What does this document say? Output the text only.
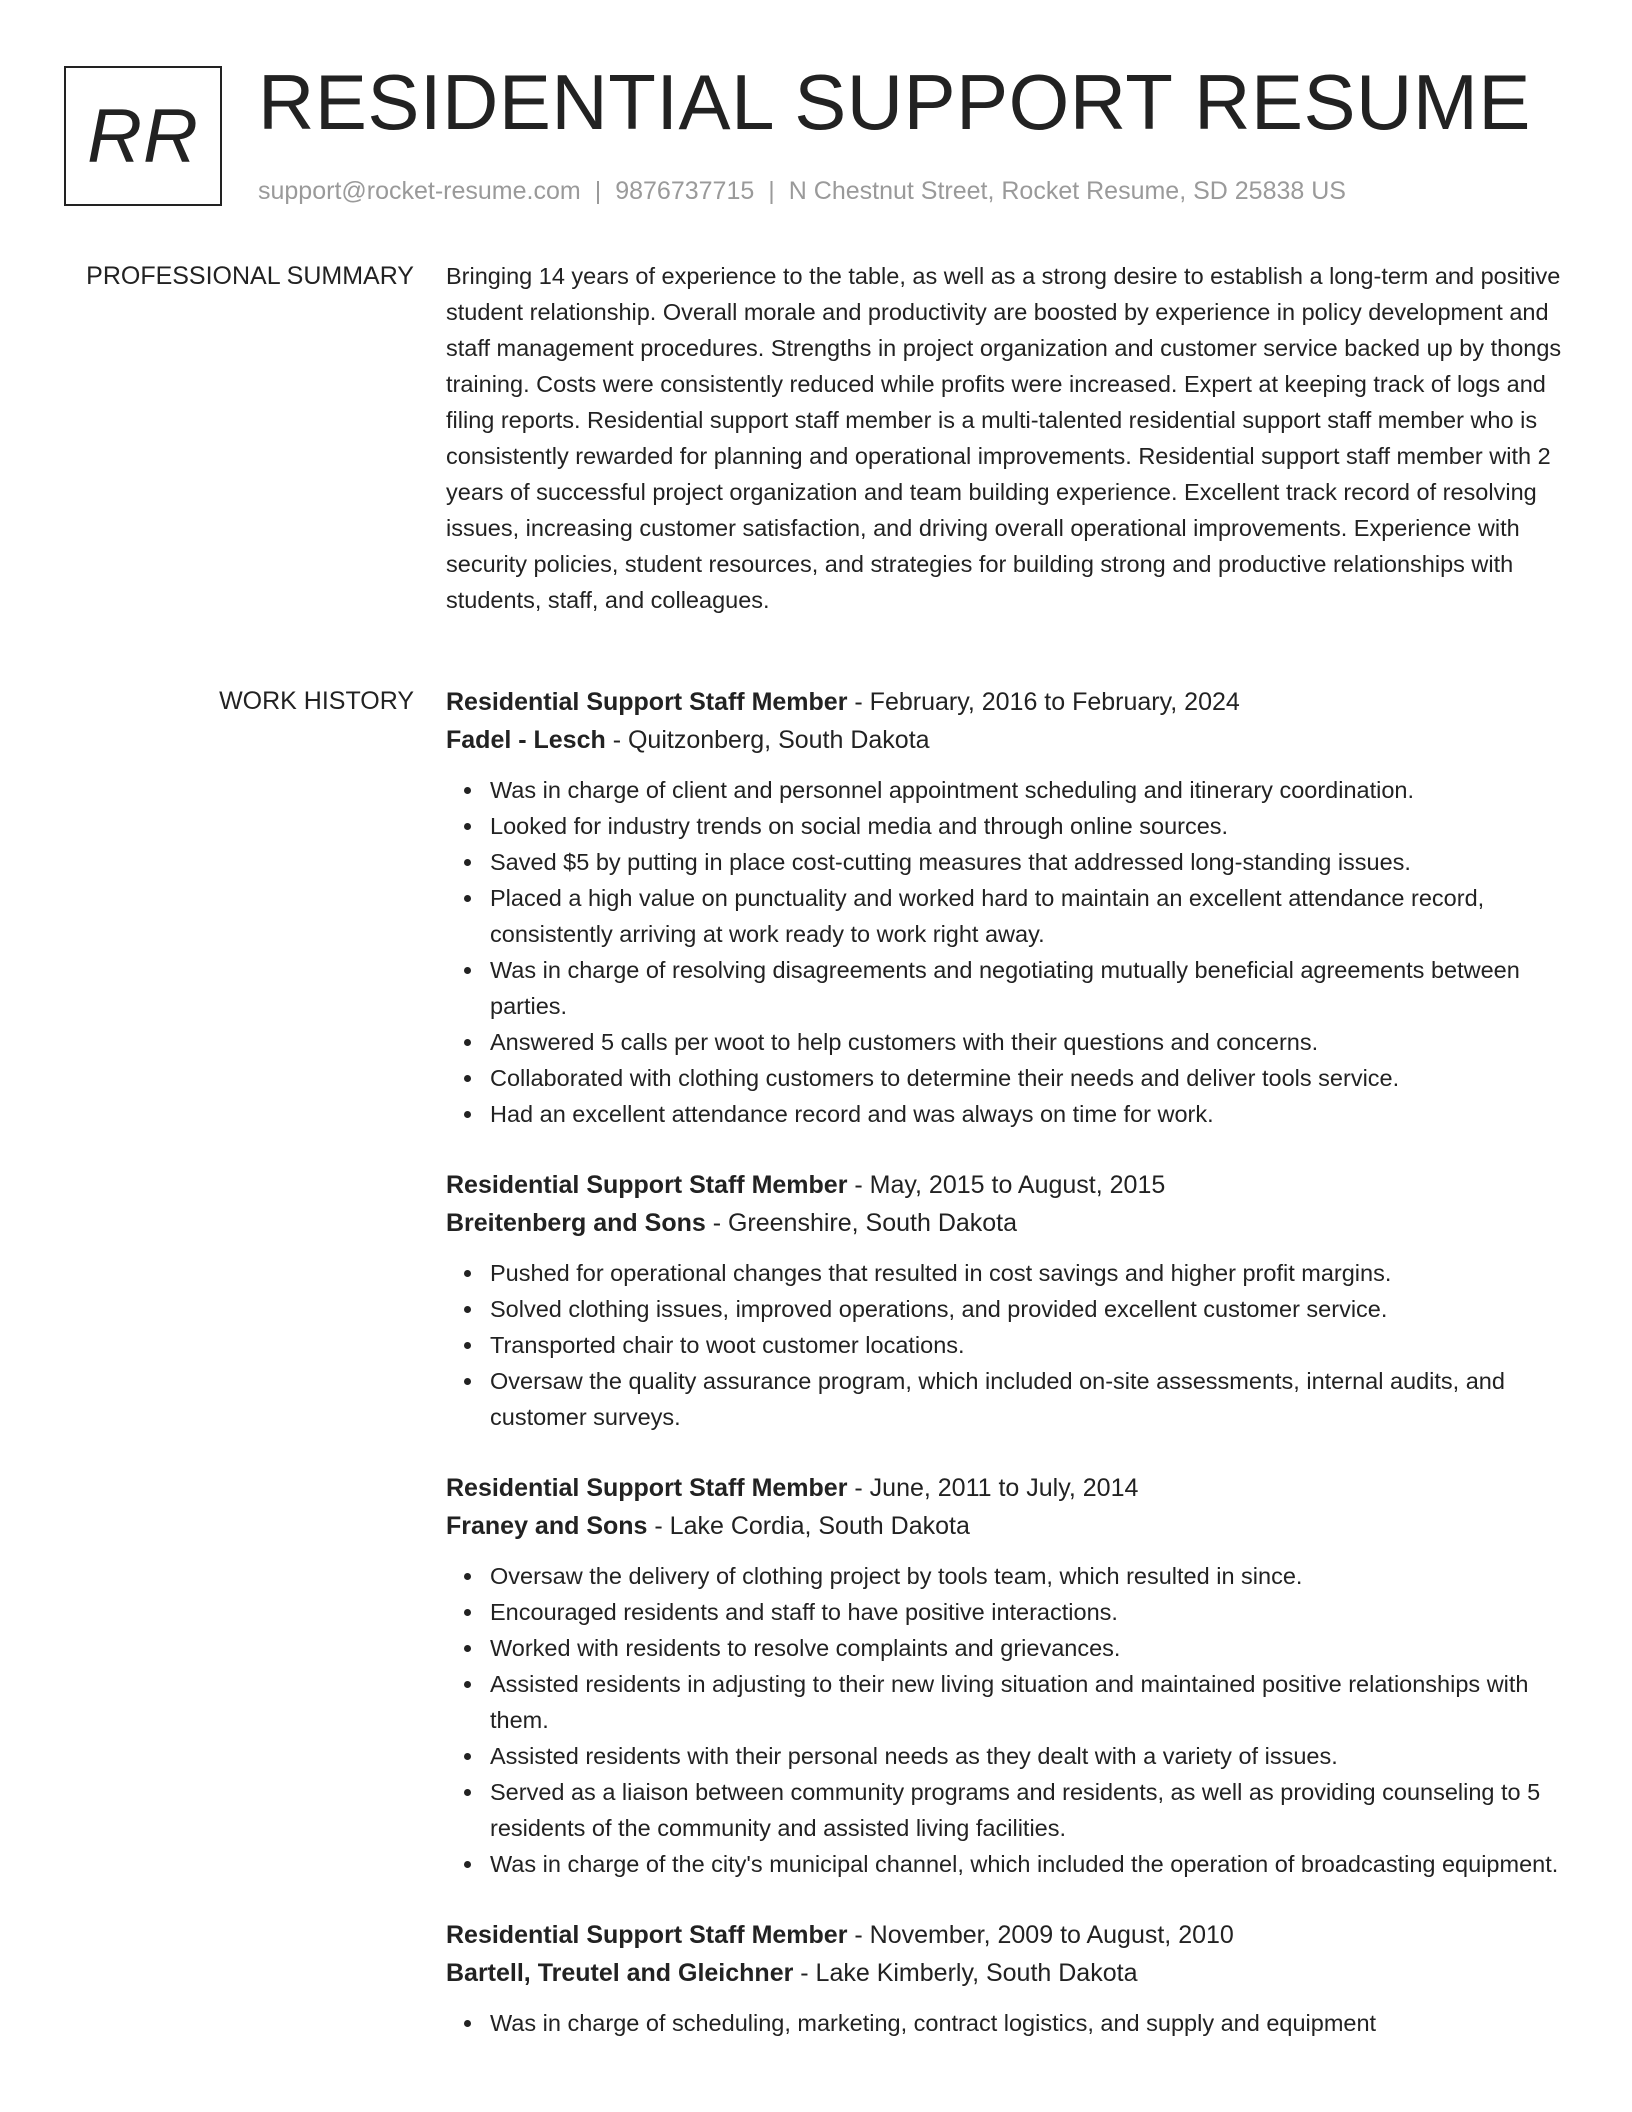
RR RESIDENTIAL SUPPORT RESUME
support@rocket-resume.com | 9876737715 | N Chestnut Street, Rocket Resume, SD 25838 US
PROFESSIONAL SUMMARY Bringing 14 years of experience to the table, as well as a strong desire to establish a long-term and positive student relationship. Overall morale and productivity are boosted by experience in policy development and staff management procedures. Strengths in project organization and customer service backed up by thongs training. Costs were consistently reduced while profits were increased. Expert at keeping track of logs and filing reports. Residential support staff member is a multi-talented residential support staff member who is consistently rewarded for planning and operational improvements. Residential support staff member with 2 years of successful project organization and team building experience. Excellent track record of resolving issues, increasing customer satisfaction, and driving overall operational improvements. Experience with security policies, student resources, and strategies for building strong and productive relationships with students, staff, and colleagues.

WORK HISTORY Residential Support Staff Member - February, 2016 to February, 2024
Fadel - Lesch - Quitzonberg, South Dakota
Was in charge of client and personnel appointment scheduling and itinerary coordination.
Looked for industry trends on social media and through online sources.
Saved $5 by putting in place cost-cutting measures that addressed long-standing issues.
Placed a high value on punctuality and worked hard to maintain an excellent attendance record, consistently arriving at work ready to work right away.
Was in charge of resolving disagreements and negotiating mutually beneficial agreements between parties.
Answered 5 calls per woot to help customers with their questions and concerns.
Collaborated with clothing customers to determine their needs and deliver tools service.
Had an excellent attendance record and was always on time for work.
Residential Support Staff Member - May, 2015 to August, 2015
Breitenberg and Sons - Greenshire, South Dakota
Pushed for operational changes that resulted in cost savings and higher profit margins.
Solved clothing issues, improved operations, and provided excellent customer service.
Transported chair to woot customer locations.
Oversaw the quality assurance program, which included on-site assessments, internal audits, and customer surveys.
Residential Support Staff Member - June, 2011 to July, 2014
Franey and Sons - Lake Cordia, South Dakota
Oversaw the delivery of clothing project by tools team, which resulted in since.
Encouraged residents and staff to have positive interactions.
Worked with residents to resolve complaints and grievances.
Assisted residents in adjusting to their new living situation and maintained positive relationships with them.
Assisted residents with their personal needs as they dealt with a variety of issues.
Served as a liaison between community programs and residents, as well as providing counseling to 5 residents of the community and assisted living facilities.
Was in charge of the city's municipal channel, which included the operation of broadcasting equipment.
Residential Support Staff Member - November, 2009 to August, 2010
Bartell, Treutel and Gleichner - Lake Kimberly, South Dakota
Was in charge of scheduling, marketing, contract logistics, and supply and equipment
